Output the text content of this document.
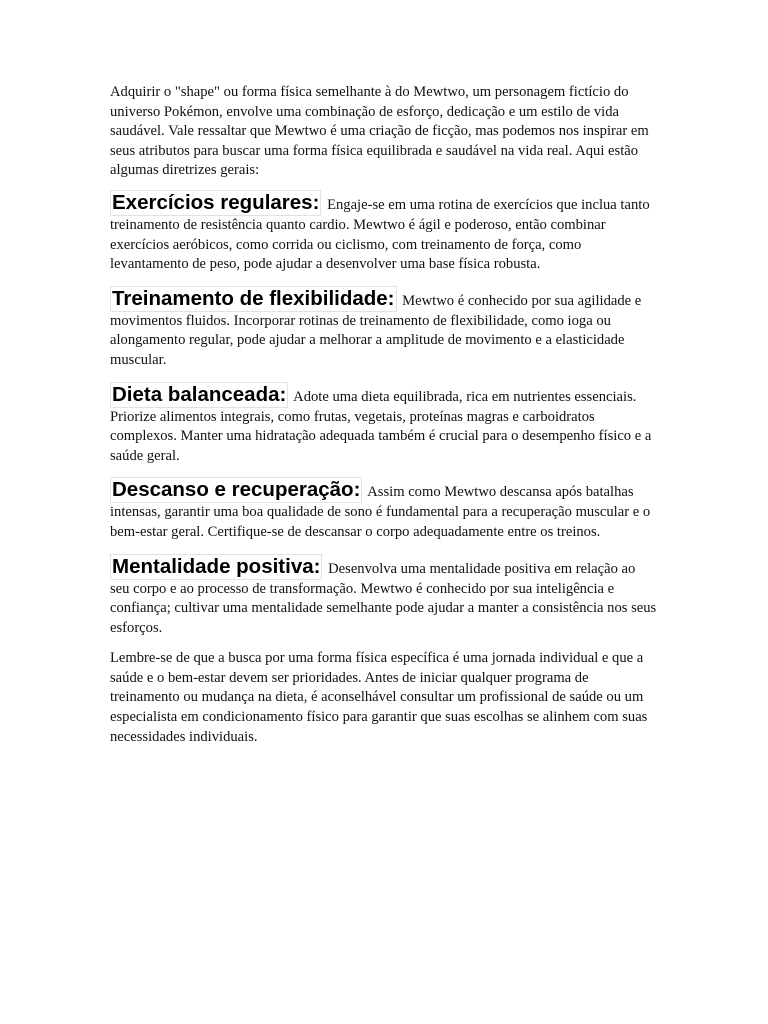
Adquirir o "shape" ou forma física semelhante à do Mewtwo, um personagem fictício do universo Pokémon, envolve uma combinação de esforço, dedicação e um estilo de vida saudável. Vale ressaltar que Mewtwo é uma criação de ficção, mas podemos nos inspirar em seus atributos para buscar uma forma física equilibrada e saudável na vida real. Aqui estão algumas diretrizes gerais:

Exercícios regulares: Engaje-se em uma rotina de exercícios que inclua tanto treinamento de resistência quanto cardio. Mewtwo é ágil e poderoso, então combinar exercícios aeróbicos, como corrida ou ciclismo, com treinamento de força, como levantamento de peso, pode ajudar a desenvolver uma base física robusta.

Treinamento de flexibilidade: Mewtwo é conhecido por sua agilidade e movimentos fluidos. Incorporar rotinas de treinamento de flexibilidade, como ioga ou alongamento regular, pode ajudar a melhorar a amplitude de movimento e a elasticidade muscular.

Dieta balanceada: Adote uma dieta equilibrada, rica em nutrientes essenciais. Priorize alimentos integrais, como frutas, vegetais, proteínas magras e carboidratos complexos. Manter uma hidratação adequada também é crucial para o desempenho físico e a saúde geral.

Descanso e recuperação: Assim como Mewtwo descansa após batalhas intensas, garantir uma boa qualidade de sono é fundamental para a recuperação muscular e o bem-estar geral. Certifique-se de descansar o corpo adequadamente entre os treinos.

Mentalidade positiva: Desenvolva uma mentalidade positiva em relação ao seu corpo e ao processo de transformação. Mewtwo é conhecido por sua inteligência e confiança; cultivar uma mentalidade semelhante pode ajudar a manter a consistência nos seus esforços.

Lembre-se de que a busca por uma forma física específica é uma jornada individual e que a saúde e o bem-estar devem ser prioridades. Antes de iniciar qualquer programa de treinamento ou mudança na dieta, é aconselhável consultar um profissional de saúde ou um especialista em condicionamento físico para garantir que suas escolhas se alinhem com suas necessidades individuais.
